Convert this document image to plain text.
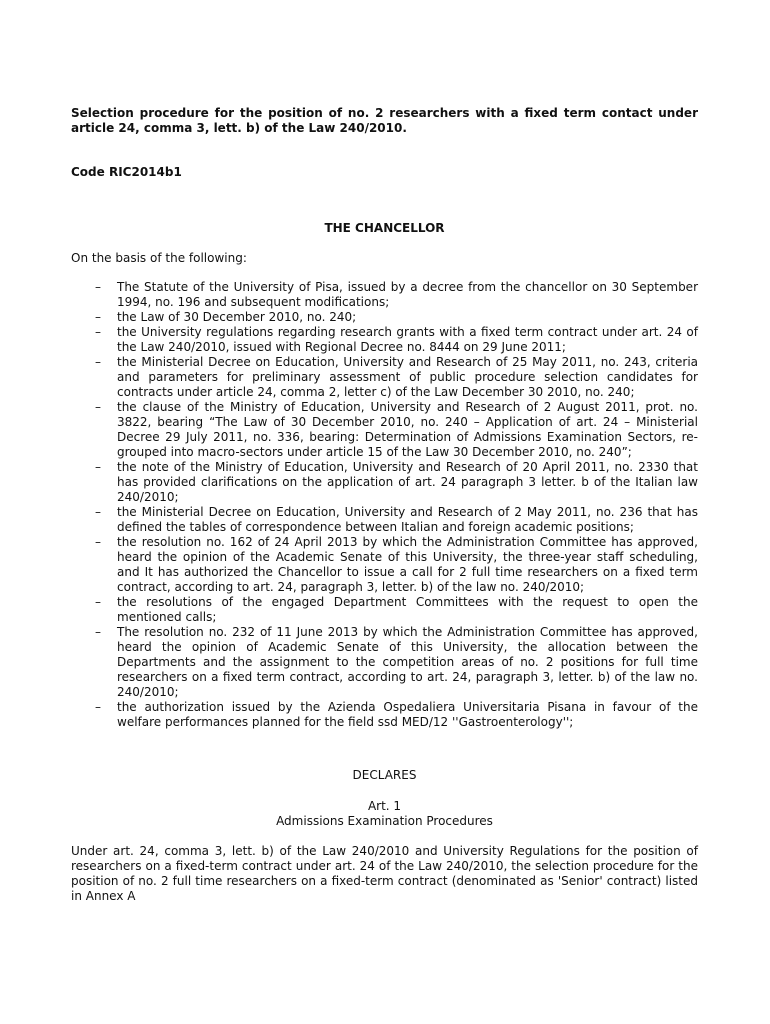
Selection procedure for the position of no. 2 researchers with a fixed term contact under article 24, comma 3, lett. b) of the Law 240/2010.

Code RIC2014b1

THE CHANCELLOR

On the basis of the following:

– The Statute of the University of Pisa, issued by a decree from the chancellor on 30 September 1994, no. 196 and subsequent modifications;
– the Law of 30 December 2010, no. 240;
– the University regulations regarding research grants with a fixed term contract under art. 24 of the Law 240/2010, issued with Regional Decree no. 8444 on 29 June 2011;
– the Ministerial Decree on Education, University and Research of 25 May 2011, no. 243, criteria and parameters for preliminary assessment of public procedure selection candidates for contracts under article 24, comma 2, letter c) of the Law December 30 2010, no. 240;
– the clause of the Ministry of Education, University and Research of 2 August 2011, prot. no. 3822, bearing “The Law of 30 December 2010, no. 240 – Application of art. 24 – Ministerial Decree 29 July 2011, no. 336, bearing: Determination of Admissions Examination Sectors, re-grouped into macro-sectors under article 15 of the Law 30 December 2010, no. 240”;
– the note of the Ministry of Education, University and Research of 20 April 2011, no. 2330 that has provided clarifications on the application of art. 24 paragraph 3 letter. b of the Italian law 240/2010;
– the Ministerial Decree on Education, University and Research of 2 May 2011, no. 236 that has defined the tables of correspondence between Italian and foreign academic positions;
– the resolution no. 162 of 24 April 2013 by which the Administration Committee has approved, heard the opinion of the Academic Senate of this University, the three-year staff scheduling, and It has authorized the Chancellor to issue a call for 2 full time researchers on a fixed term contract, according to art. 24, paragraph 3, letter. b) of the law no. 240/2010;
– the resolutions of the engaged Department Committees with the request to open the mentioned calls;
– The resolution no. 232 of 11 June 2013 by which the Administration Committee has approved, heard the opinion of Academic Senate of this University, the allocation between the Departments and the assignment to the competition areas of no. 2 positions for full time researchers on a fixed term contract, according to art. 24, paragraph 3, letter. b) of the law no. 240/2010;
– the authorization issued by the Azienda Ospedaliera Universitaria Pisana in favour of the welfare performances planned for the field ssd MED/12 ''Gastroenterology'';

DECLARES

Art. 1

Admissions Examination Procedures

Under art. 24, comma 3, lett. b) of the Law 240/2010 and University Regulations for the position of researchers on a fixed-term contract under art. 24 of the Law 240/2010, the selection procedure for the position of no. 2 full time researchers on a fixed-term contract (denominated as 'Senior' contract) listed in Annex A
